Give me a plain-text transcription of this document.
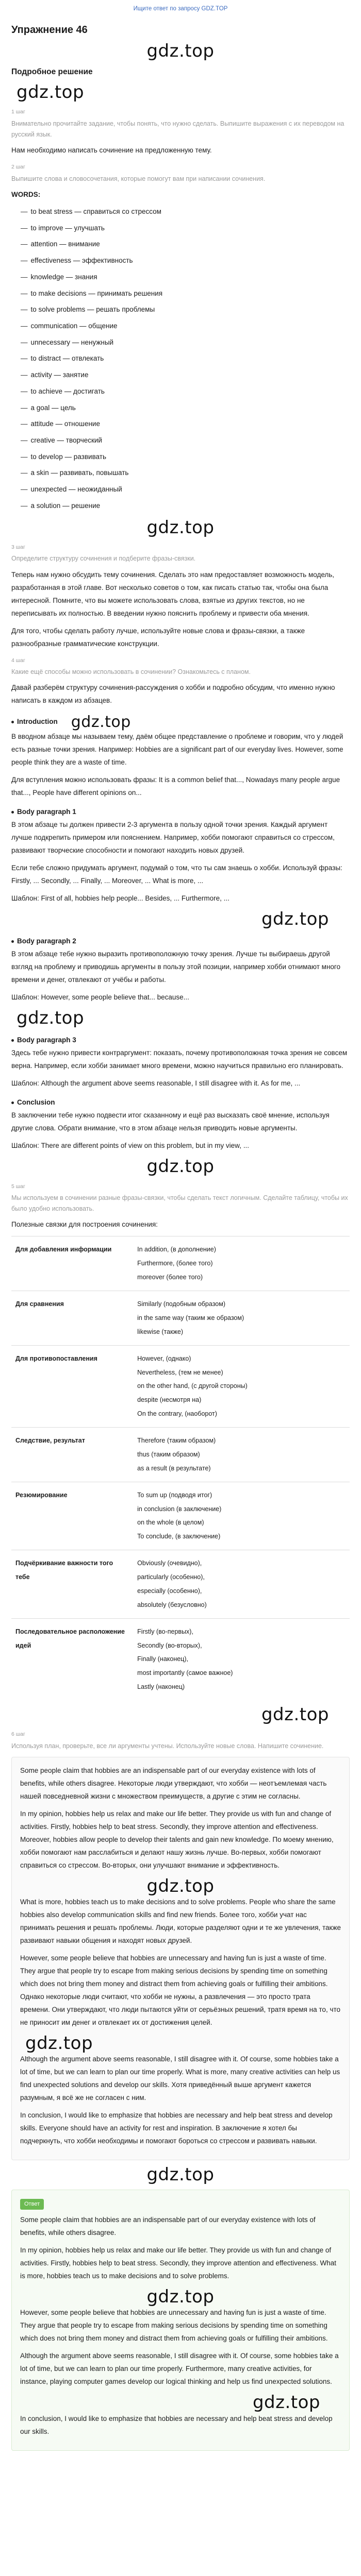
Ищите ответ по запросу GDZ.TOP
Упражнение 46
gdz.top
Подробное решение
gdz.top
1 шаг
Внимательно прочитайте задание, чтобы понять, что нужно сделать. Выпишите выражения с их переводом на русский язык.

Нам необходимо написать сочинение на предложенную тему.

2 шаг
Выпишите слова и словосочетания, которые помогут вам при написании сочинения.
WORDS:
— to beat stress — справиться со стрессом
— to improve — улучшать
— attention — внимание
— effectiveness — эффективность
— knowledge — знания
— to make decisions — принимать решения
— to solve problems — решать проблемы
— communication — общение
— unnecessary — ненужный
— to distract — отвлекать
— activity — занятие
— to achieve — достигать
— a goal — цель
— attitude — отношение
— creative — творческий
— to develop — развивать
— a skin — развивать, повышать
— unexpected — неожиданный
— a solution — решение
gdz.top
3 шаг
Определите структуру сочинения и подберите фразы-связки.

Теперь нам нужно обсудить тему сочинения. Сделать это нам предоставляет возможность модель, разработанная в этой главе. Вот несколько советов о том, как писать статью так, чтобы она была интересной. Помните, что вы можете использовать слова, взятые из других текстов, но не переписывать их полностью. В введении нужно пояснить проблему и привести оба мнения.

Для того, чтобы сделать работу лучше, используйте новые слова и фразы-связки, а также разнообразные грамматические конструкции.

4 шаг
Какие ещё способы можно использовать в сочинении? Ознакомьтесь с планом.

Давай разберём структуру сочинения-рассуждения о хобби и подробно обсудим, что именно нужно написать в каждом из абзацев.

Introduction gdz.top

В вводном абзаце мы называем тему, даём общее представление о проблеме и говорим, что у людей есть разные точки зрения. Например: Hobbies are a significant part of our everyday lives. However, some people think they are a waste of time.

Для вступления можно использовать фразы: It is a common belief that..., Nowadays many people argue that..., People have different opinions on...

Body paragraph 1

В этом абзаце ты должен привести 2-3 аргумента в пользу одной точки зрения. Каждый аргумент лучше подкрепить примером или пояснением. Например, хобби помогают справиться со стрессом, развивают творческие способности и помогают находить новых друзей.

Если тебе сложно придумать аргумент, подумай о том, что ты сам знаешь о хобби. Используй фразы: Firstly, ... Secondly, ... Finally, ... Moreover, ... What is more, ...

Шаблон: First of all, hobbies help people... Besides, ... Furthermore, ...

gdz.top
Body paragraph 2

В этом абзаце тебе нужно выразить противоположную точку зрения. Лучше ты выбираешь другой взгляд на проблему и приводишь аргументы в пользу этой позиции, например хобби отнимают много времени и денег, отвлекают от учёбы и работы.

Шаблон: However, some people believe that... because...

gdz.top
Body paragraph 3

Здесь тебе нужно привести контраргумент: показать, почему противоположная точка зрения не совсем верна. Например, если хобби занимает много времени, можно научиться правильно его планировать.

Шаблон: Although the argument above seems reasonable, I still disagree with it. As for me, ...

Conclusion

В заключении тебе нужно подвести итог сказанному и ещё раз высказать своё мнение, используя другие слова. Обрати внимание, что в этом абзаце нельзя приводить новые аргументы.

Шаблон: There are different points of view on this problem, but in my view, ...

gdz.top
5 шаг
Мы используем в сочинении разные фразы-связки, чтобы сделать текст логичным. Сделайте таблицу, чтобы их было удобно использовать.

Полезные связки для построения сочинения:

Для добавления информации	In addition, (в дополнение)
Furthermore, (более того)
moreover (более того)

Для сравнения	Similarly (подобным образом)
in the same way (таким же образом)
likewise (также)

Для противопоставления	However, (однако)
Nevertheless, (тем не менее)
on the other hand, (с другой стороны)
despite (несмотря на)
On the contrary, (наоборот)

Следствие, результат	Therefore (таким образом)
thus (таким образом)
as a result (в результате)

Резюмирование	To sum up (подводя итог)
in conclusion (в заключение)
on the whole (в целом)
To conclude, (в заключение)

Подчёркивание важности того тебе	Obviously (очевидно),
particularly (особенно),
especially (особенно),
absolutely (безусловно)

Последовательное расположение идей	Firstly (во-первых),
Secondly (во-вторых),
Finally (наконец),
most importantly (самое важное)
Lastly (наконец)
gdz.top
6 шаг
Используя план, проверьте, все ли аргументы учтены. Используйте новые слова. Напишите сочинение.

Some people claim that hobbies are an indispensable part of our everyday existence with lots of benefits, while others disagree. Некоторые люди утверждают, что хобби — неотъемлемая часть нашей повседневной жизни с множеством преимуществ, а другие с этим не согласны.

In my opinion, hobbies help us relax and make our life better. They provide us with fun and change of activities. Firstly, hobbies help to beat stress. Secondly, they improve attention and effectiveness. Moreover, hobbies allow people to develop their talents and gain new knowledge. По моему мнению, хобби помогают нам расслабиться и делают нашу жизнь лучше. Во-первых, хобби помогают справиться со стрессом. Во-вторых, они улучшают внимание и эффективность.

gdz.top

What is more, hobbies teach us to make decisions and to solve problems. People who share the same hobbies also develop communication skills and find new friends. Более того, хобби учат нас принимать решения и решать проблемы. Люди, которые разделяют одни и те же увлечения, также развивают навыки общения и находят новых друзей.

However, some people believe that hobbies are unnecessary and having fun is just a waste of time. They argue that people try to escape from making serious decisions by spending time on something which does not bring them money and distract them from achieving goals or fulfilling their ambitions. Однако некоторые люди считают, что хобби не нужны, а развлечения — это просто трата времени. Они утверждают, что люди пытаются уйти от серьёзных решений, тратя время на то, что не приносит им денег и отвлекает их от достижения целей.

gdz.top

Although the argument above seems reasonable, I still disagree with it. Of course, some hobbies take a lot of time, but we can learn to plan our time properly. What is more, many creative activities can help us find unexpected solutions and develop our skills. Хотя приведённый выше аргумент кажется разумным, я всё же не согласен с ним.

In conclusion, I would like to emphasize that hobbies are necessary and help beat stress and develop skills. Everyone should have an activity for rest and inspiration. В заключение я хотел бы подчеркнуть, что хобби необходимы и помогают бороться со стрессом и развивать навыки.

gdz.top
Ответ

Some people claim that hobbies are an indispensable part of our everyday existence with lots of benefits, while others disagree.

In my opinion, hobbies help us relax and make our life better. They provide us with fun and change of activities. Firstly, hobbies help to beat stress. Secondly, they improve attention and effectiveness. What is more, hobbies teach us to make decisions and to solve problems.

gdz.top

However, some people believe that hobbies are unnecessary and having fun is just a waste of time. They argue that people try to escape from making serious decisions by spending time on something which does not bring them money and distract them from achieving goals or fulfilling their ambitions.

Although the argument above seems reasonable, I still disagree with it. Of course, some hobbies take a lot of time, but we can learn to plan our time properly. Furthermore, many creative activities, for instance, playing computer games develop our logical thinking and help us find unexpected solutions.

gdz.top

In conclusion, I would like to emphasize that hobbies are necessary and help beat stress and develop our skills.
